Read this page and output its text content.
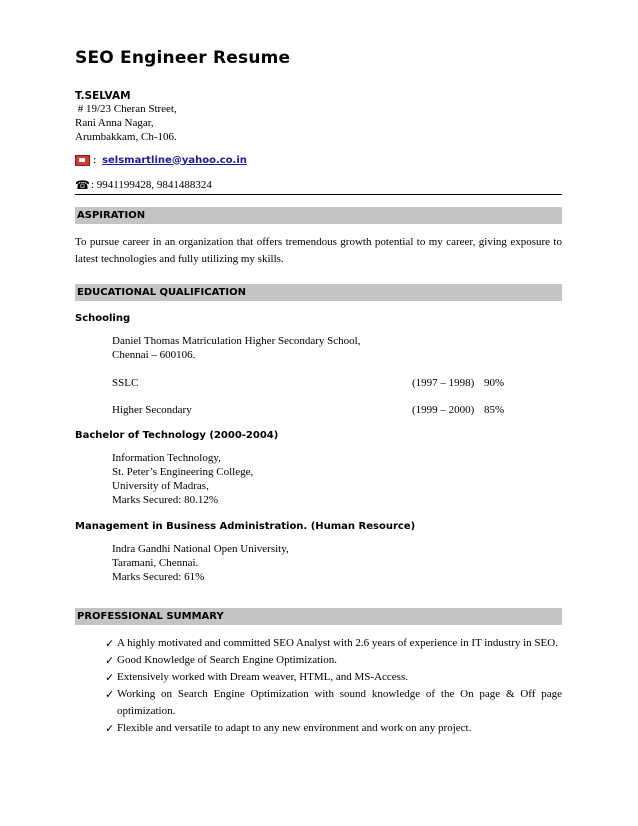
SEO Engineer Resume
T.SELVAM
# 19/23 Cheran Street,
Rani Anna Nagar,
Arumbakkam, Ch-106.
: selsmartline@yahoo.co.in
☎ : 9941199428, 9841488324
ASPIRATION
To pursue career in an organization that offers tremendous growth potential to my career, giving exposure to latest technologies and fully utilizing my skills.
EDUCATIONAL QUALIFICATION
Schooling
Daniel Thomas Matriculation Higher Secondary School,
Chennai – 600106.
SSLC	(1997 – 1998) 90%
Higher Secondary	(1999 – 2000) 85%
Bachelor of Technology (2000-2004)
Information Technology,
St. Peter’s Engineering College,
University of Madras,
Marks Secured: 80.12%
Management in Business Administration. (Human Resource)
Indra Gandhi National Open University,
Taramani, Chennai.
Marks Secured: 61%
PROFESSIONAL SUMMARY
✓ A highly motivated and committed SEO Analyst with 2.6 years of experience in IT industry in SEO.
✓ Good Knowledge of Search Engine Optimization.
✓ Extensively worked with Dream weaver, HTML, and MS-Access.
✓ Working on Search Engine Optimization with sound knowledge of the On page & Off page optimization.
✓ Flexible and versatile to adapt to any new environment and work on any project.
